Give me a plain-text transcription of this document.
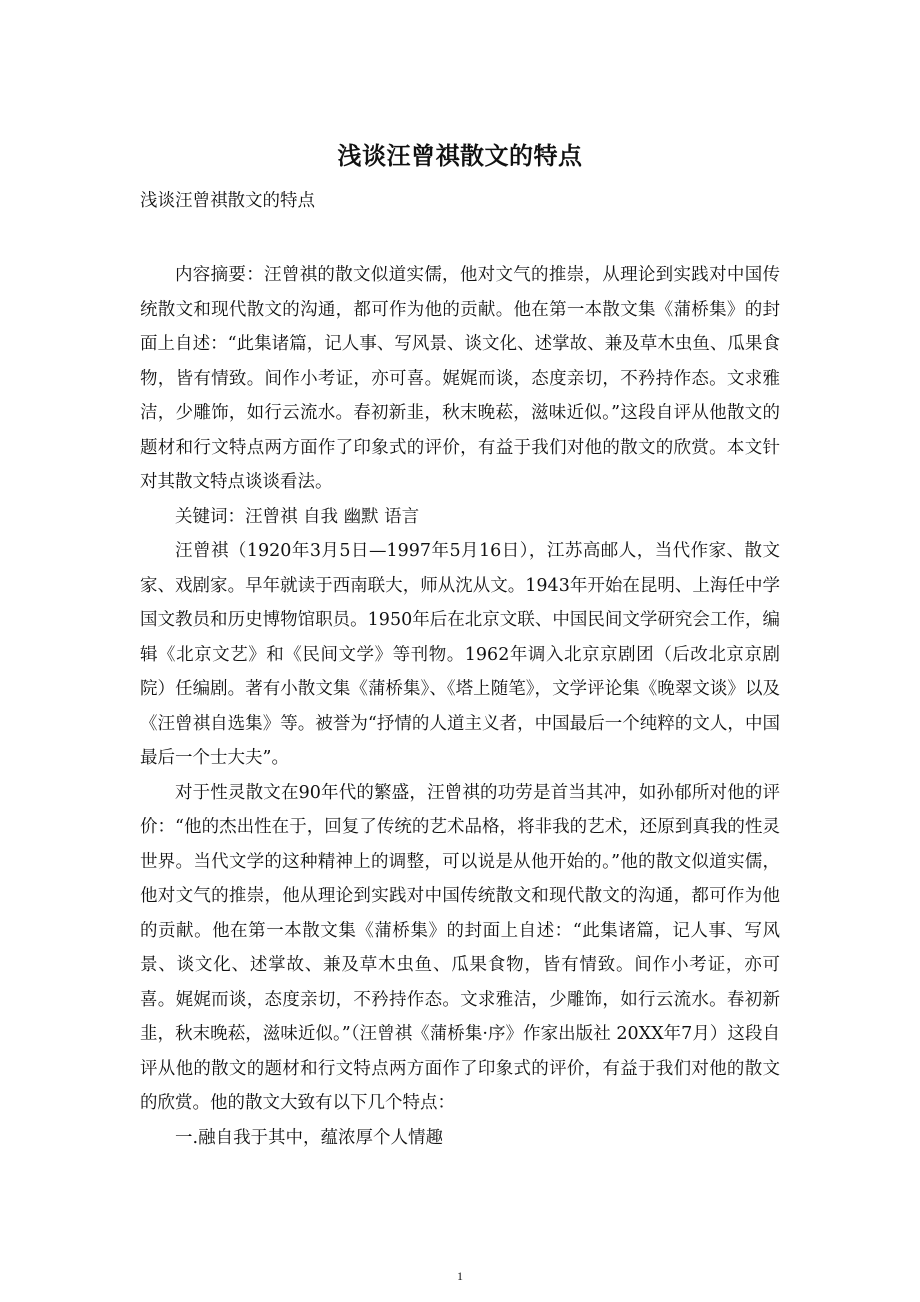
浅谈汪曾祺散文的特点
浅谈汪曾祺散文的特点

内容摘要：汪曾祺的散文似道实儒，他对文气的推崇，从理论到实践对中国传统散文和现代散文的沟通，都可作为他的贡献。他在第一本散文集《蒲桥集》的封面上自述：“此集诸篇，记人事、写风景、谈文化、述掌故、兼及草木虫鱼、瓜果食物，皆有情致。间作小考证，亦可喜。娓娓而谈，态度亲切，不矜持作态。文求雅洁，少雕饰，如行云流水。春初新韭，秋末晚菘，滋味近似。”这段自评从他散文的题材和行文特点两方面作了印象式的评价，有益于我们对他的散文的欣赏。本文针对其散文特点谈谈看法。

关键词：汪曾祺 自我 幽默 语言

汪曾祺（1920年3月5日—1997年5月16日），江苏高邮人，当代作家、散文家、戏剧家。早年就读于西南联大，师从沈从文。1943年开始在昆明、上海任中学国文教员和历史博物馆职员。1950年后在北京文联、中国民间文学研究会工作，编辑《北京文艺》和《民间文学》等刊物。1962年调入北京京剧团（后改北京京剧院）任编剧。著有小散文集《蒲桥集》、《塔上随笔》，文学评论集《晚翠文谈》以及《汪曾祺自选集》等。被誉为“抒情的人道主义者，中国最后一个纯粹的文人，中国最后一个士大夫”。

对于性灵散文在90年代的繁盛，汪曾祺的功劳是首当其冲，如孙郁所对他的评价：“他的杰出性在于，回复了传统的艺术品格，将非我的艺术，还原到真我的性灵世界。当代文学的这种精神上的调整，可以说是从他开始的。”他的散文似道实儒，他对文气的推崇，他从理论到实践对中国传统散文和现代散文的沟通，都可作为他的贡献。他在第一本散文集《蒲桥集》的封面上自述：“此集诸篇，记人事、写风景、谈文化、述掌故、兼及草木虫鱼、瓜果食物，皆有情致。间作小考证，亦可喜。娓娓而谈，态度亲切，不矜持作态。文求雅洁，少雕饰，如行云流水。春初新韭，秋末晚菘，滋味近似。”（汪曾祺《蒲桥集·序》作家出版社 20XX年7月）这段自评从他的散文的题材和行文特点两方面作了印象式的评价，有益于我们对他的散文的欣赏。他的散文大致有以下几个特点：

一.融自我于其中，蕴浓厚个人情趣

1
